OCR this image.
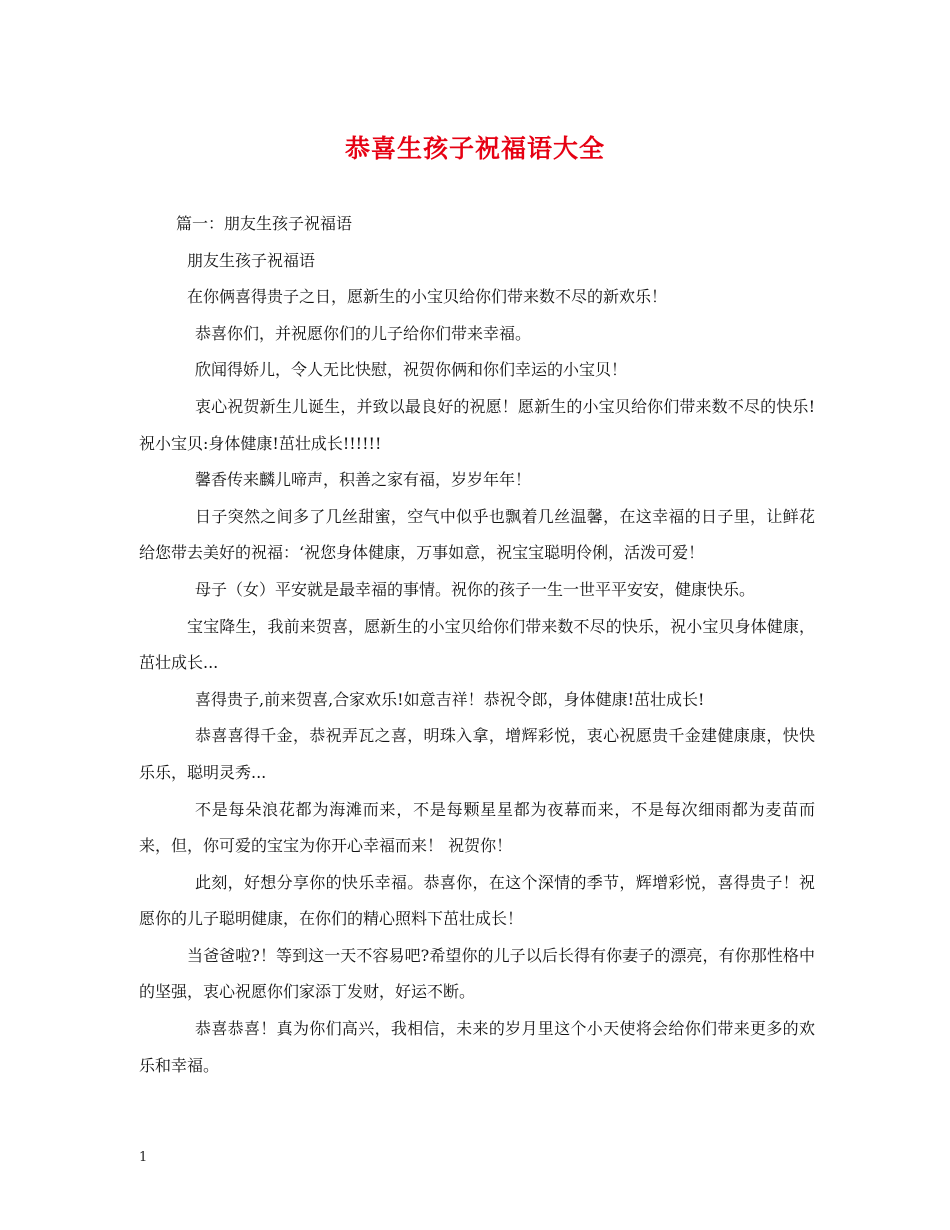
恭喜生孩子祝福语大全

篇一：朋友生孩子祝福语

朋友生孩子祝福语

在你俩喜得贵子之日，愿新生的小宝贝给你们带来数不尽的新欢乐！

恭喜你们，并祝愿你们的儿子给你们带来幸福。

欣闻得娇儿，令人无比快慰，祝贺你俩和你们幸运的小宝贝！

衷心祝贺新生儿诞生，并致以最良好的祝愿！愿新生的小宝贝给你们带来数不尽的快乐!祝小宝贝:身体健康!茁壮成长!!!!!!

馨香传来麟儿啼声，积善之家有福，岁岁年年！

日子突然之间多了几丝甜蜜，空气中似乎也飘着几丝温馨，在这幸福的日子里，让鲜花给您带去美好的祝福：‘祝您身体健康，万事如意，祝宝宝聪明伶俐，活泼可爱！

母子（女）平安就是最幸福的事情。祝你的孩子一生一世平平安安，健康快乐。

宝宝降生，我前来贺喜，愿新生的小宝贝给你们带来数不尽的快乐，祝小宝贝身体健康，茁壮成长...

喜得贵子,前来贺喜,合家欢乐!如意吉祥！恭祝令郎，身体健康!茁壮成长!

恭喜喜得千金，恭祝弄瓦之喜，明珠入拿，增辉彩悦，衷心祝愿贵千金建健康康，快快乐乐，聪明灵秀...

不是每朵浪花都为海滩而来，不是每颗星星都为夜幕而来，不是每次细雨都为麦苗而来，但，你可爱的宝宝为你开心幸福而来！ 祝贺你！

此刻，好想分享你的快乐幸福。恭喜你，在这个深情的季节，辉增彩悦，喜得贵子！祝愿你的儿子聪明健康，在你们的精心照料下茁壮成长！

当爸爸啦?！等到这一天不容易吧?希望你的儿子以后长得有你妻子的漂亮，有你那性格中的坚强，衷心祝愿你们家添丁发财，好运不断。

恭喜恭喜！真为你们高兴，我相信，未来的岁月里这个小天使将会给你们带来更多的欢乐和幸福。

1
